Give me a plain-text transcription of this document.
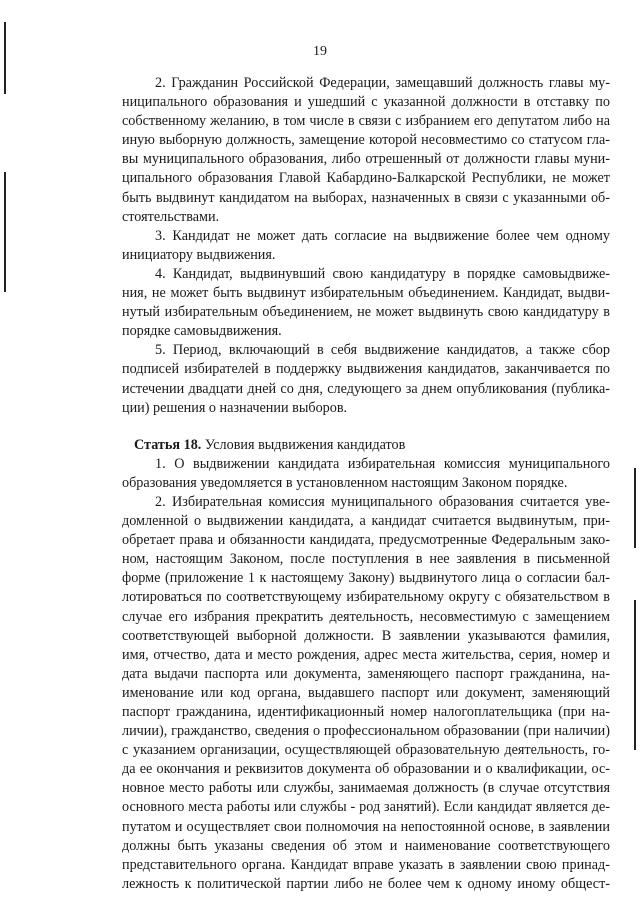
19
2. Гражданин Российской Федерации, замещавший должность главы му-
ниципального образования и ушедший с указанной должности в отставку по
собственному желанию, в том числе в связи с избранием его депутатом либо на
иную выборную должность, замещение которой несовместимо со статусом гла-
вы муниципального образования, либо отрешенный от должности главы муни-
ципального образования Главой Кабардино-Балкарской Республики, не может
быть выдвинут кандидатом на выборах, назначенных в связи с указанными об-
стоятельствами.
3. Кандидат не может дать согласие на выдвижение более чем одному
инициатору выдвижения.
4. Кандидат, выдвинувший свою кандидатуру в порядке самовыдвиже-
ния, не может быть выдвинут избирательным объединением. Кандидат, выдви-
нутый избирательным объединением, не может выдвинуть свою кандидатуру в
порядке самовыдвижения.
5. Период, включающий в себя выдвижение кандидатов, а также сбор
подписей избирателей в поддержку выдвижения кандидатов, заканчивается по
истечении двадцати дней со дня, следующего за днем опубликования (публика-
ции) решения о назначении выборов.
Статья 18. Условия выдвижения кандидатов
1. О выдвижении кандидата избирательная комиссия муниципального
образования уведомляется в установленном настоящим Законом порядке.
2. Избирательная комиссия муниципального образования считается уве-
домленной о выдвижении кандидата, а кандидат считается выдвинутым, при-
обретает права и обязанности кандидата, предусмотренные Федеральным зако-
ном, настоящим Законом, после поступления в нее заявления в письменной
форме (приложение 1 к настоящему Закону) выдвинутого лица о согласии бал-
лотироваться по соответствующему избирательному округу с обязательством в
случае его избрания прекратить деятельность, несовместимую с замещением
соответствующей выборной должности. В заявлении указываются фамилия,
имя, отчество, дата и место рождения, адрес места жительства, серия, номер и
дата выдачи паспорта или документа, заменяющего паспорт гражданина, на-
именование или код органа, выдавшего паспорт или документ, заменяющий
паспорт гражданина, идентификационный номер налогоплательщика (при на-
личии), гражданство, сведения о профессиональном образовании (при наличии)
с указанием организации, осуществляющей образовательную деятельность, го-
да ее окончания и реквизитов документа об образовании и о квалификации, ос-
новное место работы или службы, занимаемая должность (в случае отсутствия
основного места работы или службы - род занятий). Если кандидат является де-
путатом и осуществляет свои полномочия на непостоянной основе, в заявлении
должны быть указаны сведения об этом и наименование соответствующего
представительного органа. Кандидат вправе указать в заявлении свою принад-
лежность к политической партии либо не более чем к одному иному общест-
